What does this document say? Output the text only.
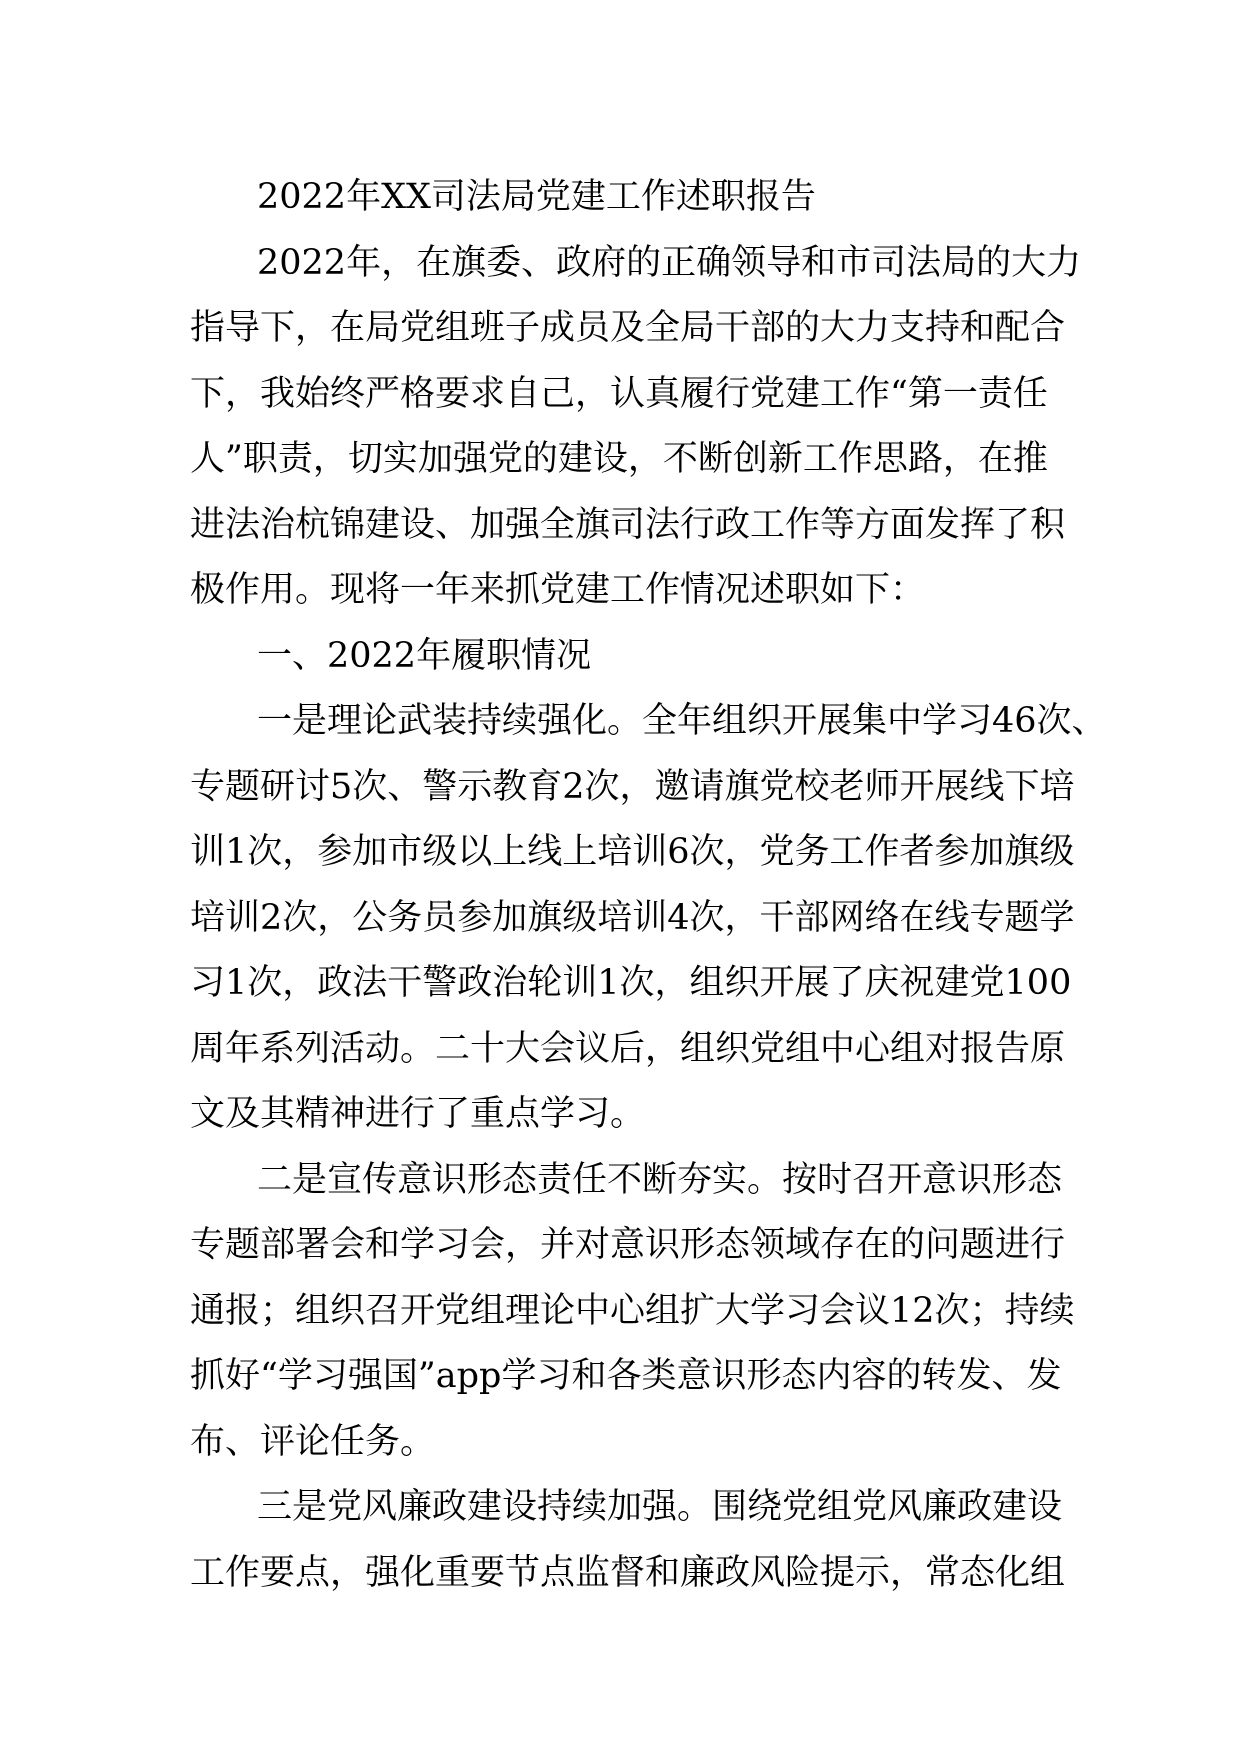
2022年XX司法局党建工作述职报告
2022年，在旗委、政府的正确领导和市司法局的大力
指导下，在局党组班子成员及全局干部的大力支持和配合
下，我始终严格要求自己，认真履行党建工作“第一责任
人”职责，切实加强党的建设，不断创新工作思路，在推
进法治杭锦建设、加强全旗司法行政工作等方面发挥了积
极作用。现将一年来抓党建工作情况述职如下：
一、2022年履职情况
一是理论武装持续强化。全年组织开展集中学习46次、
专题研讨5次、警示教育2次，邀请旗党校老师开展线下培
训1次，参加市级以上线上培训6次，党务工作者参加旗级
培训2次，公务员参加旗级培训4次，干部网络在线专题学
习1次，政法干警政治轮训1次，组织开展了庆祝建党100
周年系列活动。二十大会议后，组织党组中心组对报告原
文及其精神进行了重点学习。
二是宣传意识形态责任不断夯实。按时召开意识形态
专题部署会和学习会，并对意识形态领域存在的问题进行
通报；组织召开党组理论中心组扩大学习会议12次；持续
抓好“学习强国”app学习和各类意识形态内容的转发、发
布、评论任务。
三是党风廉政建设持续加强。围绕党组党风廉政建设
工作要点，强化重要节点监督和廉政风险提示，常态化组
